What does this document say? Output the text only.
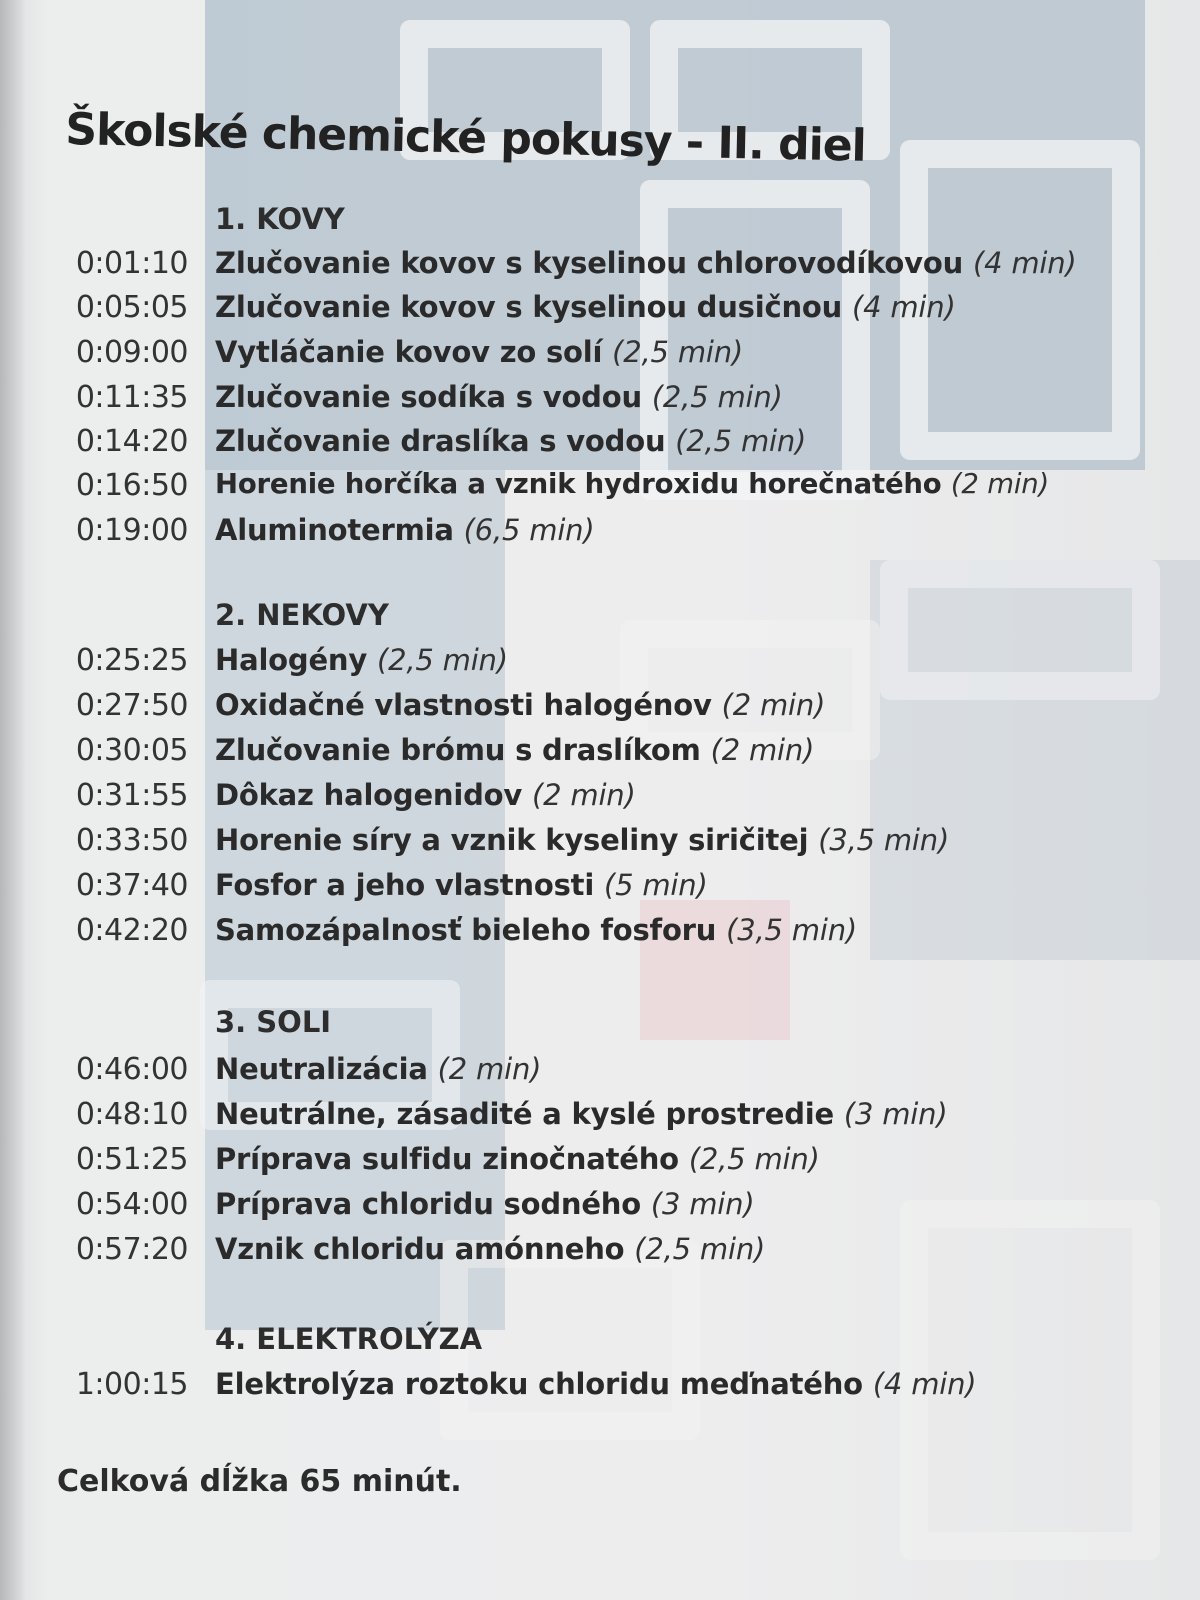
Školské chemické pokusy - II. diel
1. KOVY
0:01:10 Zlučovanie kovov s kyselinou chlorovodíkovou (4 min)
0:05:05 Zlučovanie kovov s kyselinou dusičnou (4 min)
0:09:00 Vytláčanie kovov zo solí (2,5 min)
0:11:35 Zlučovanie sodíka s vodou (2,5 min)
0:14:20 Zlučovanie draslíka s vodou (2,5 min)
0:16:50 Horenie horčíka a vznik hydroxidu horečnatého (2 min)
0:19:00 Aluminotermia (6,5 min)
2. NEKOVY
0:25:25 Halogény (2,5 min)
0:27:50 Oxidačné vlastnosti halogénov (2 min)
0:30:05 Zlučovanie brómu s draslíkom (2 min)
0:31:55 Dôkaz halogenidov (2 min)
0:33:50 Horenie síry a vznik kyseliny siričitej (3,5 min)
0:37:40 Fosfor a jeho vlastnosti (5 min)
0:42:20 Samozápalnosť bieleho fosforu (3,5 min)
3. SOLI
0:46:00 Neutralizácia (2 min)
0:48:10 Neutrálne, zásadité a kyslé prostredie (3 min)
0:51:25 Príprava sulfidu zinočnatého (2,5 min)
0:54:00 Príprava chloridu sodného (3 min)
0:57:20 Vznik chloridu amónneho (2,5 min)
4. ELEKTROLÝZA
1:00:15 Elektrolýza roztoku chloridu meďnatého (4 min)
Celková dĺžka 65 minút.
